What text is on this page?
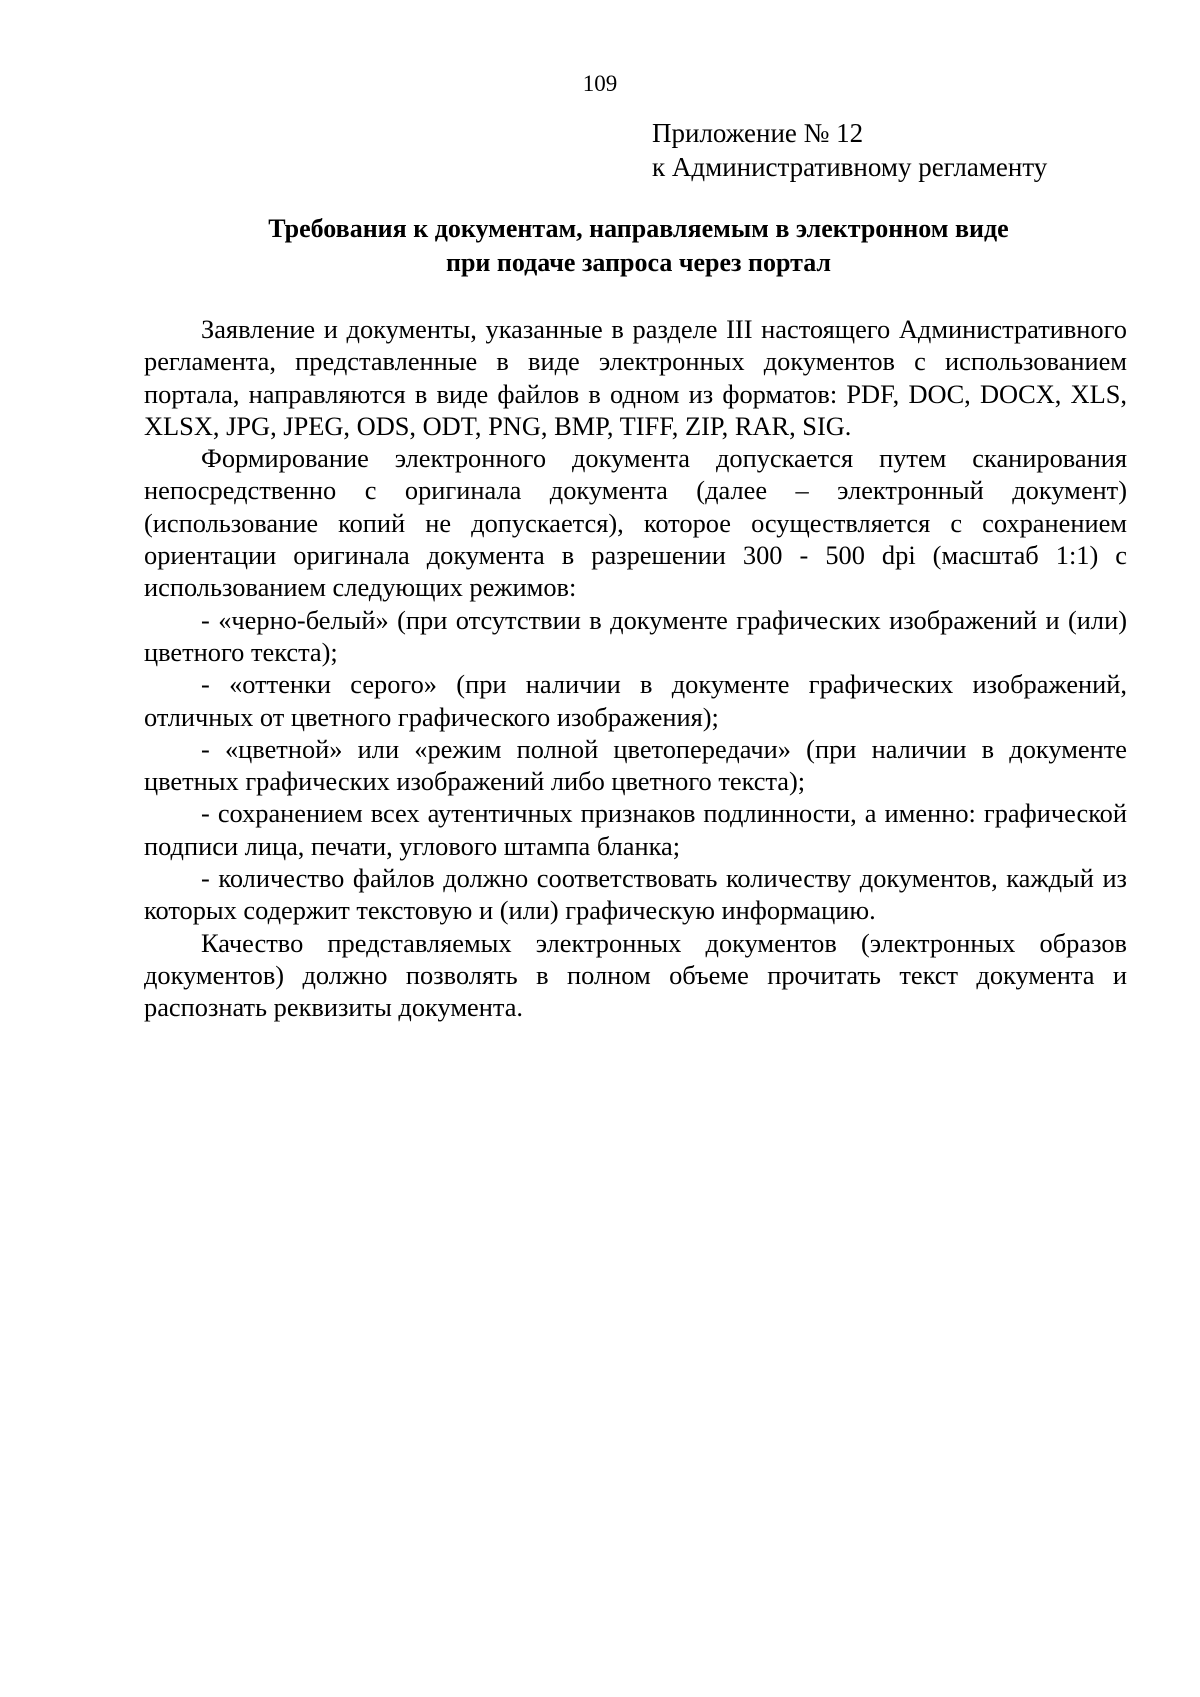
109
Приложение № 12
к Административному регламенту
Требования к документам, направляемым в электронном виде
при подаче запроса через портал

Заявление и документы, указанные в разделе III настоящего Административного регламента, представленные в виде электронных документов с использованием портала, направляются в виде файлов в одном из форматов: PDF, DOC, DOCX, XLS, XLSX, JPG, JPEG, ODS, ODT, PNG, BMP, TIFF, ZIP, RAR, SIG.

Формирование электронного документа допускается путем сканирования непосредственно с оригинала документа (далее – электронный документ) (использование копий не допускается), которое осуществляется с сохранением ориентации оригинала документа в разрешении 300 - 500 dpi (масштаб 1:1) с использованием следующих режимов:

- «черно-белый» (при отсутствии в документе графических изображений и (или) цветного текста);

- «оттенки серого» (при наличии в документе графических изображений, отличных от цветного графического изображения);

- «цветной» или «режим полной цветопередачи» (при наличии в документе цветных графических изображений либо цветного текста);

- сохранением всех аутентичных признаков подлинности, а именно: графической подписи лица, печати, углового штампа бланка;

- количество файлов должно соответствовать количеству документов, каждый из которых содержит текстовую и (или) графическую информацию.

Качество представляемых электронных документов (электронных образов документов) должно позволять в полном объеме прочитать текст документа и распознать реквизиты документа.
